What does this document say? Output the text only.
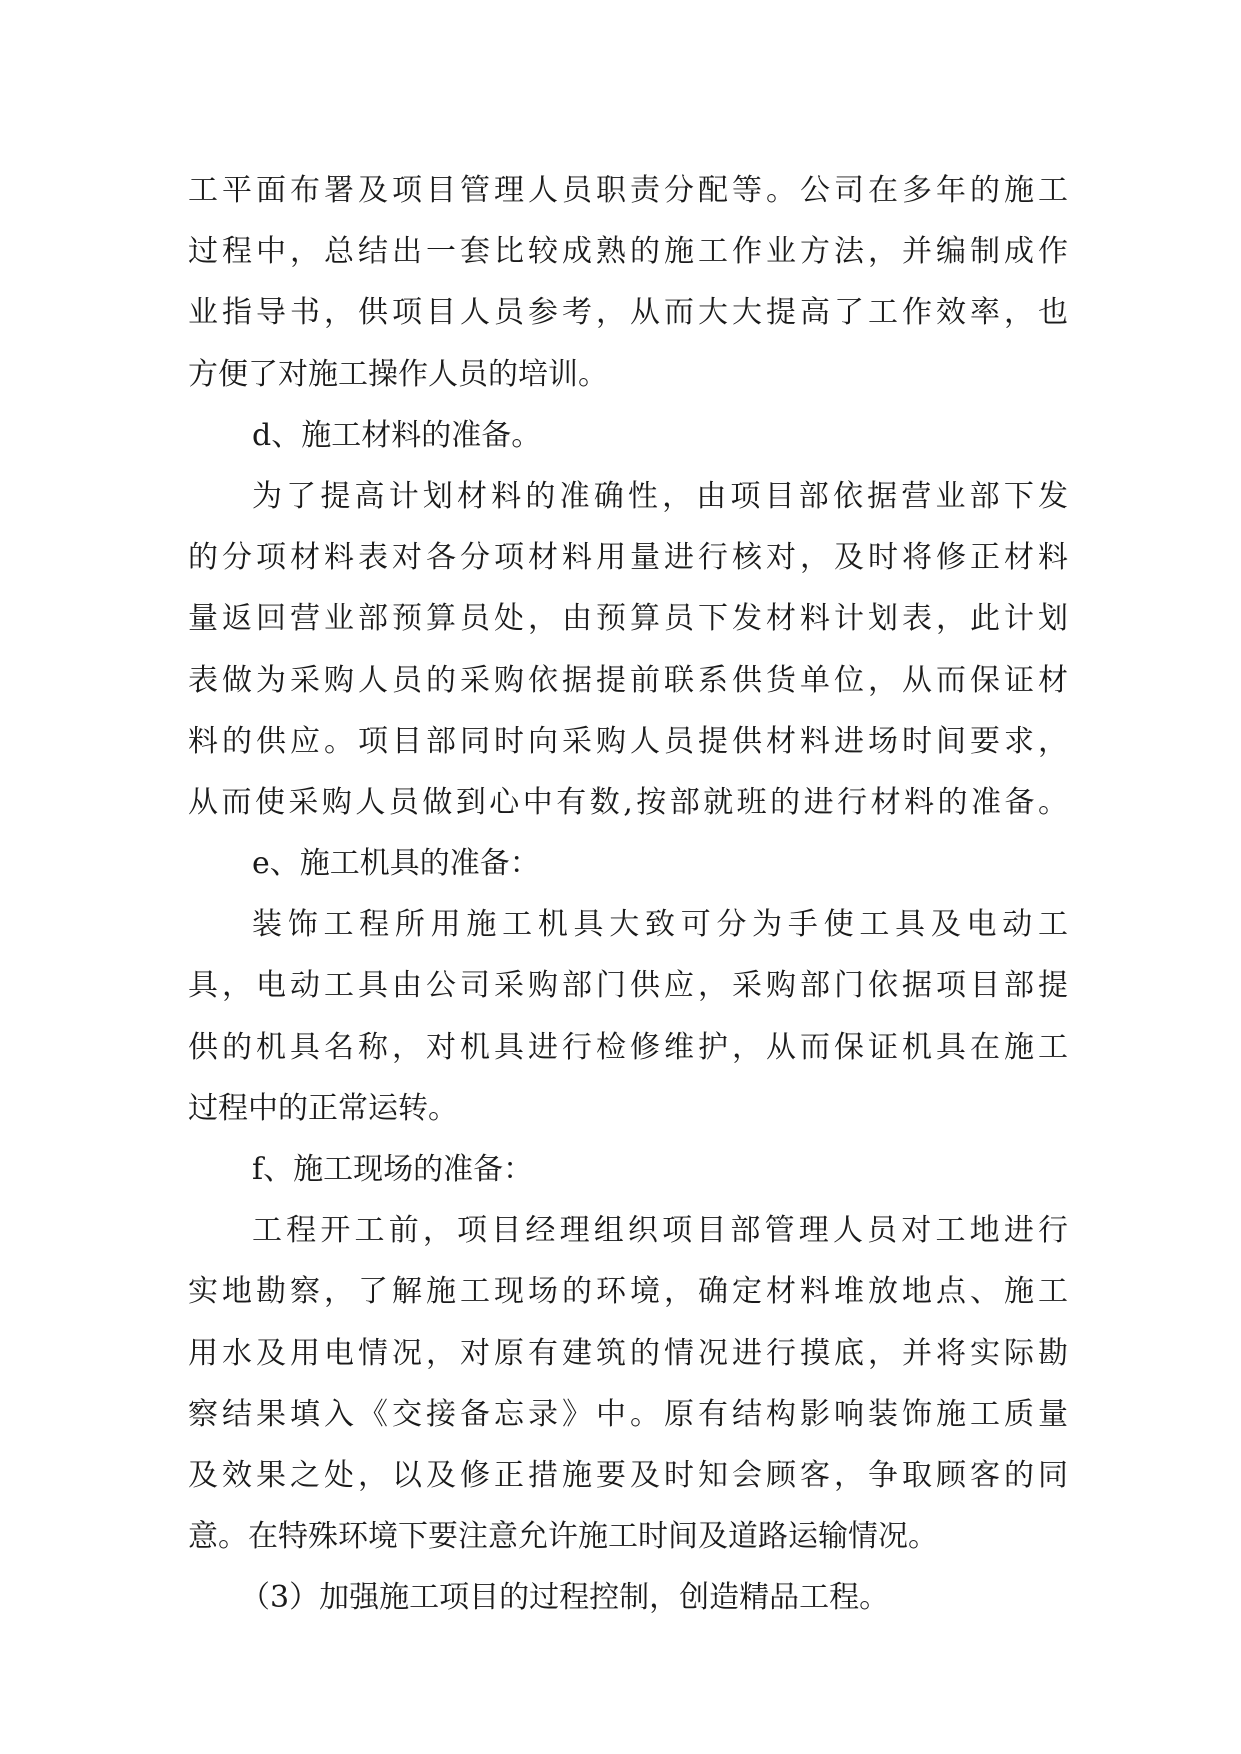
工平面布署及项目管理人员职责分配等。公司在多年的施工
过程中，总结出一套比较成熟的施工作业方法，并编制成作
业指导书，供项目人员参考，从而大大提高了工作效率，也
方便了对施工操作人员的培训。
d、施工材料的准备。
为了提高计划材料的准确性，由项目部依据营业部下发
的分项材料表对各分项材料用量进行核对，及时将修正材料
量返回营业部预算员处，由预算员下发材料计划表，此计划
表做为采购人员的采购依据提前联系供货单位，从而保证材
料的供应。项目部同时向采购人员提供材料进场时间要求，
从而使采购人员做到心中有数,按部就班的进行材料的准备。
e、施工机具的准备：
装饰工程所用施工机具大致可分为手使工具及电动工
具，电动工具由公司采购部门供应，采购部门依据项目部提
供的机具名称，对机具进行检修维护，从而保证机具在施工
过程中的正常运转。
f、施工现场的准备：
工程开工前，项目经理组织项目部管理人员对工地进行
实地勘察，了解施工现场的环境，确定材料堆放地点、施工
用水及用电情况，对原有建筑的情况进行摸底，并将实际勘
察结果填入《交接备忘录》中。原有结构影响装饰施工质量
及效果之处，以及修正措施要及时知会顾客，争取顾客的同
意。在特殊环境下要注意允许施工时间及道路运输情况。
（3）加强施工项目的过程控制，创造精品工程。
